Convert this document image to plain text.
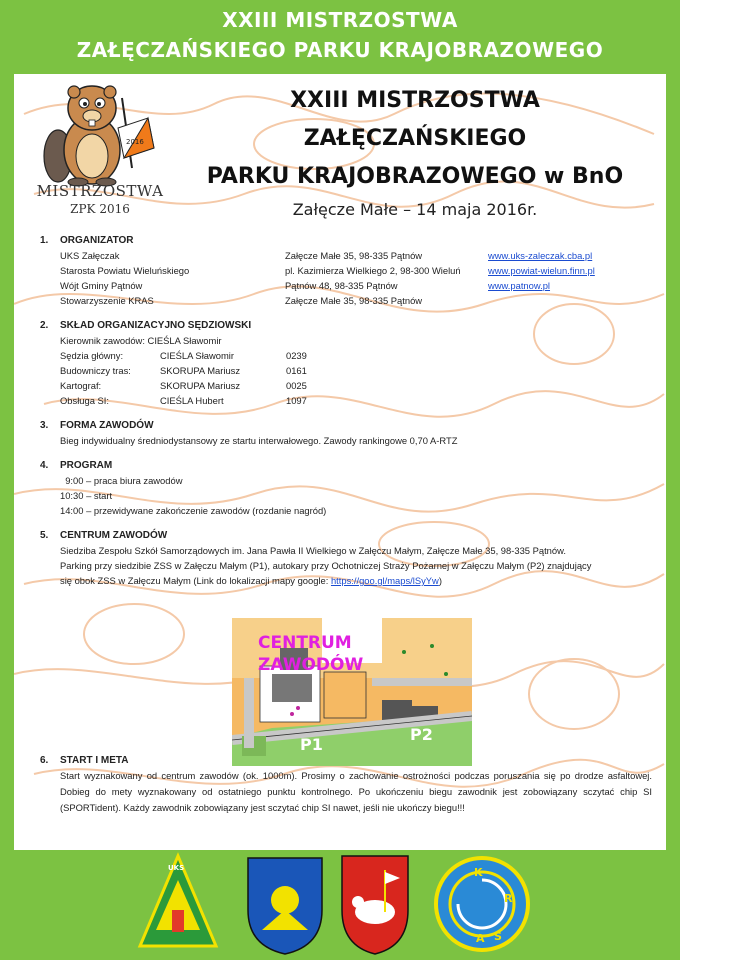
XXIII MISTRZOSTWA
ZAŁĘCZAŃSKIEGO PARKU KRAJOBRAZOWEGO
2016
MISTRZOSTWA
ZPK 2016
XXIII MISTRZOSTWA
ZAŁĘCZAŃSKIEGO
PARKU KRAJOBRAZOWEGO w BnO
Załęcze Małe – 14 maja 2016r.
1.	ORGANIZATOR
UKS Załęczak	Załęcze Małe 35, 98-335 Pątnów	www.uks-zaleczak.cba.pl
Starosta Powiatu Wieluńskiego	pl. Kazimierza Wielkiego 2, 98-300 Wieluń	www.powiat-wielun.finn.pl
Wójt Gminy Pątnów	Pątnów 48, 98-335 Pątnów	www.patnow.pl
Stowarzyszenie KRAS	Załęcze Małe 35, 98-335 Pątnów
2.	SKŁAD ORGANIZACYJNO SĘDZIOWSKI
Kierownik zawodów:
CIEŚLA Sławomir
Sędzia główny:	CIEŚLA Sławomir	0239
Budowniczy tras:	SKORUPA Mariusz	0161
Kartograf:	SKORUPA Mariusz	0025
Obsługa SI:	CIEŚLA Hubert	1097
3.	FORMA ZAWODÓW
Bieg indywidualny średniodystansowy ze startu interwałowego. Zawody rankingowe 0,70 A-RTZ
4.	PROGRAM
9:00 – praca biura zawodów
10:30 – start
14:00 – przewidywane zakończenie zawodów (rozdanie nagród)
5.	CENTRUM ZAWODÓW
Siedziba Zespołu Szkół Samorządowych im. Jana Pawła II Wielkiego w Załęczu Małym, Załęcze Małe 35, 98-335 Pątnów.
Parking przy siedzibie ZSS w Załęczu Małym (P1), autokary przy Ochotniczej Straży Pożarnej w Załęczu Małym (P2) znajdujący
się obok ZSS w Załęczu Małym (Link do lokalizacji mapy google: https://goo.gl/maps/lSyYw)
6.	START I META
Start wyznakowany od centrum zawodów (ok. 1000m). Prosimy o zachowanie ostrożności podczas poruszania się po drodze asfaltowej. Dobieg do mety wyznakowany od ostatniego punktu kontrolnego. Po ukończeniu biegu zawodnik jest zobowiązany sczytać chip SI (SPORTident). Każdy zawodnik zobowiązany jest sczytać chip SI nawet, jeśli nie ukończy biegu!!!
CENTRUM
ZAWODÓW
P1
P2
UKS	K
R
A S
